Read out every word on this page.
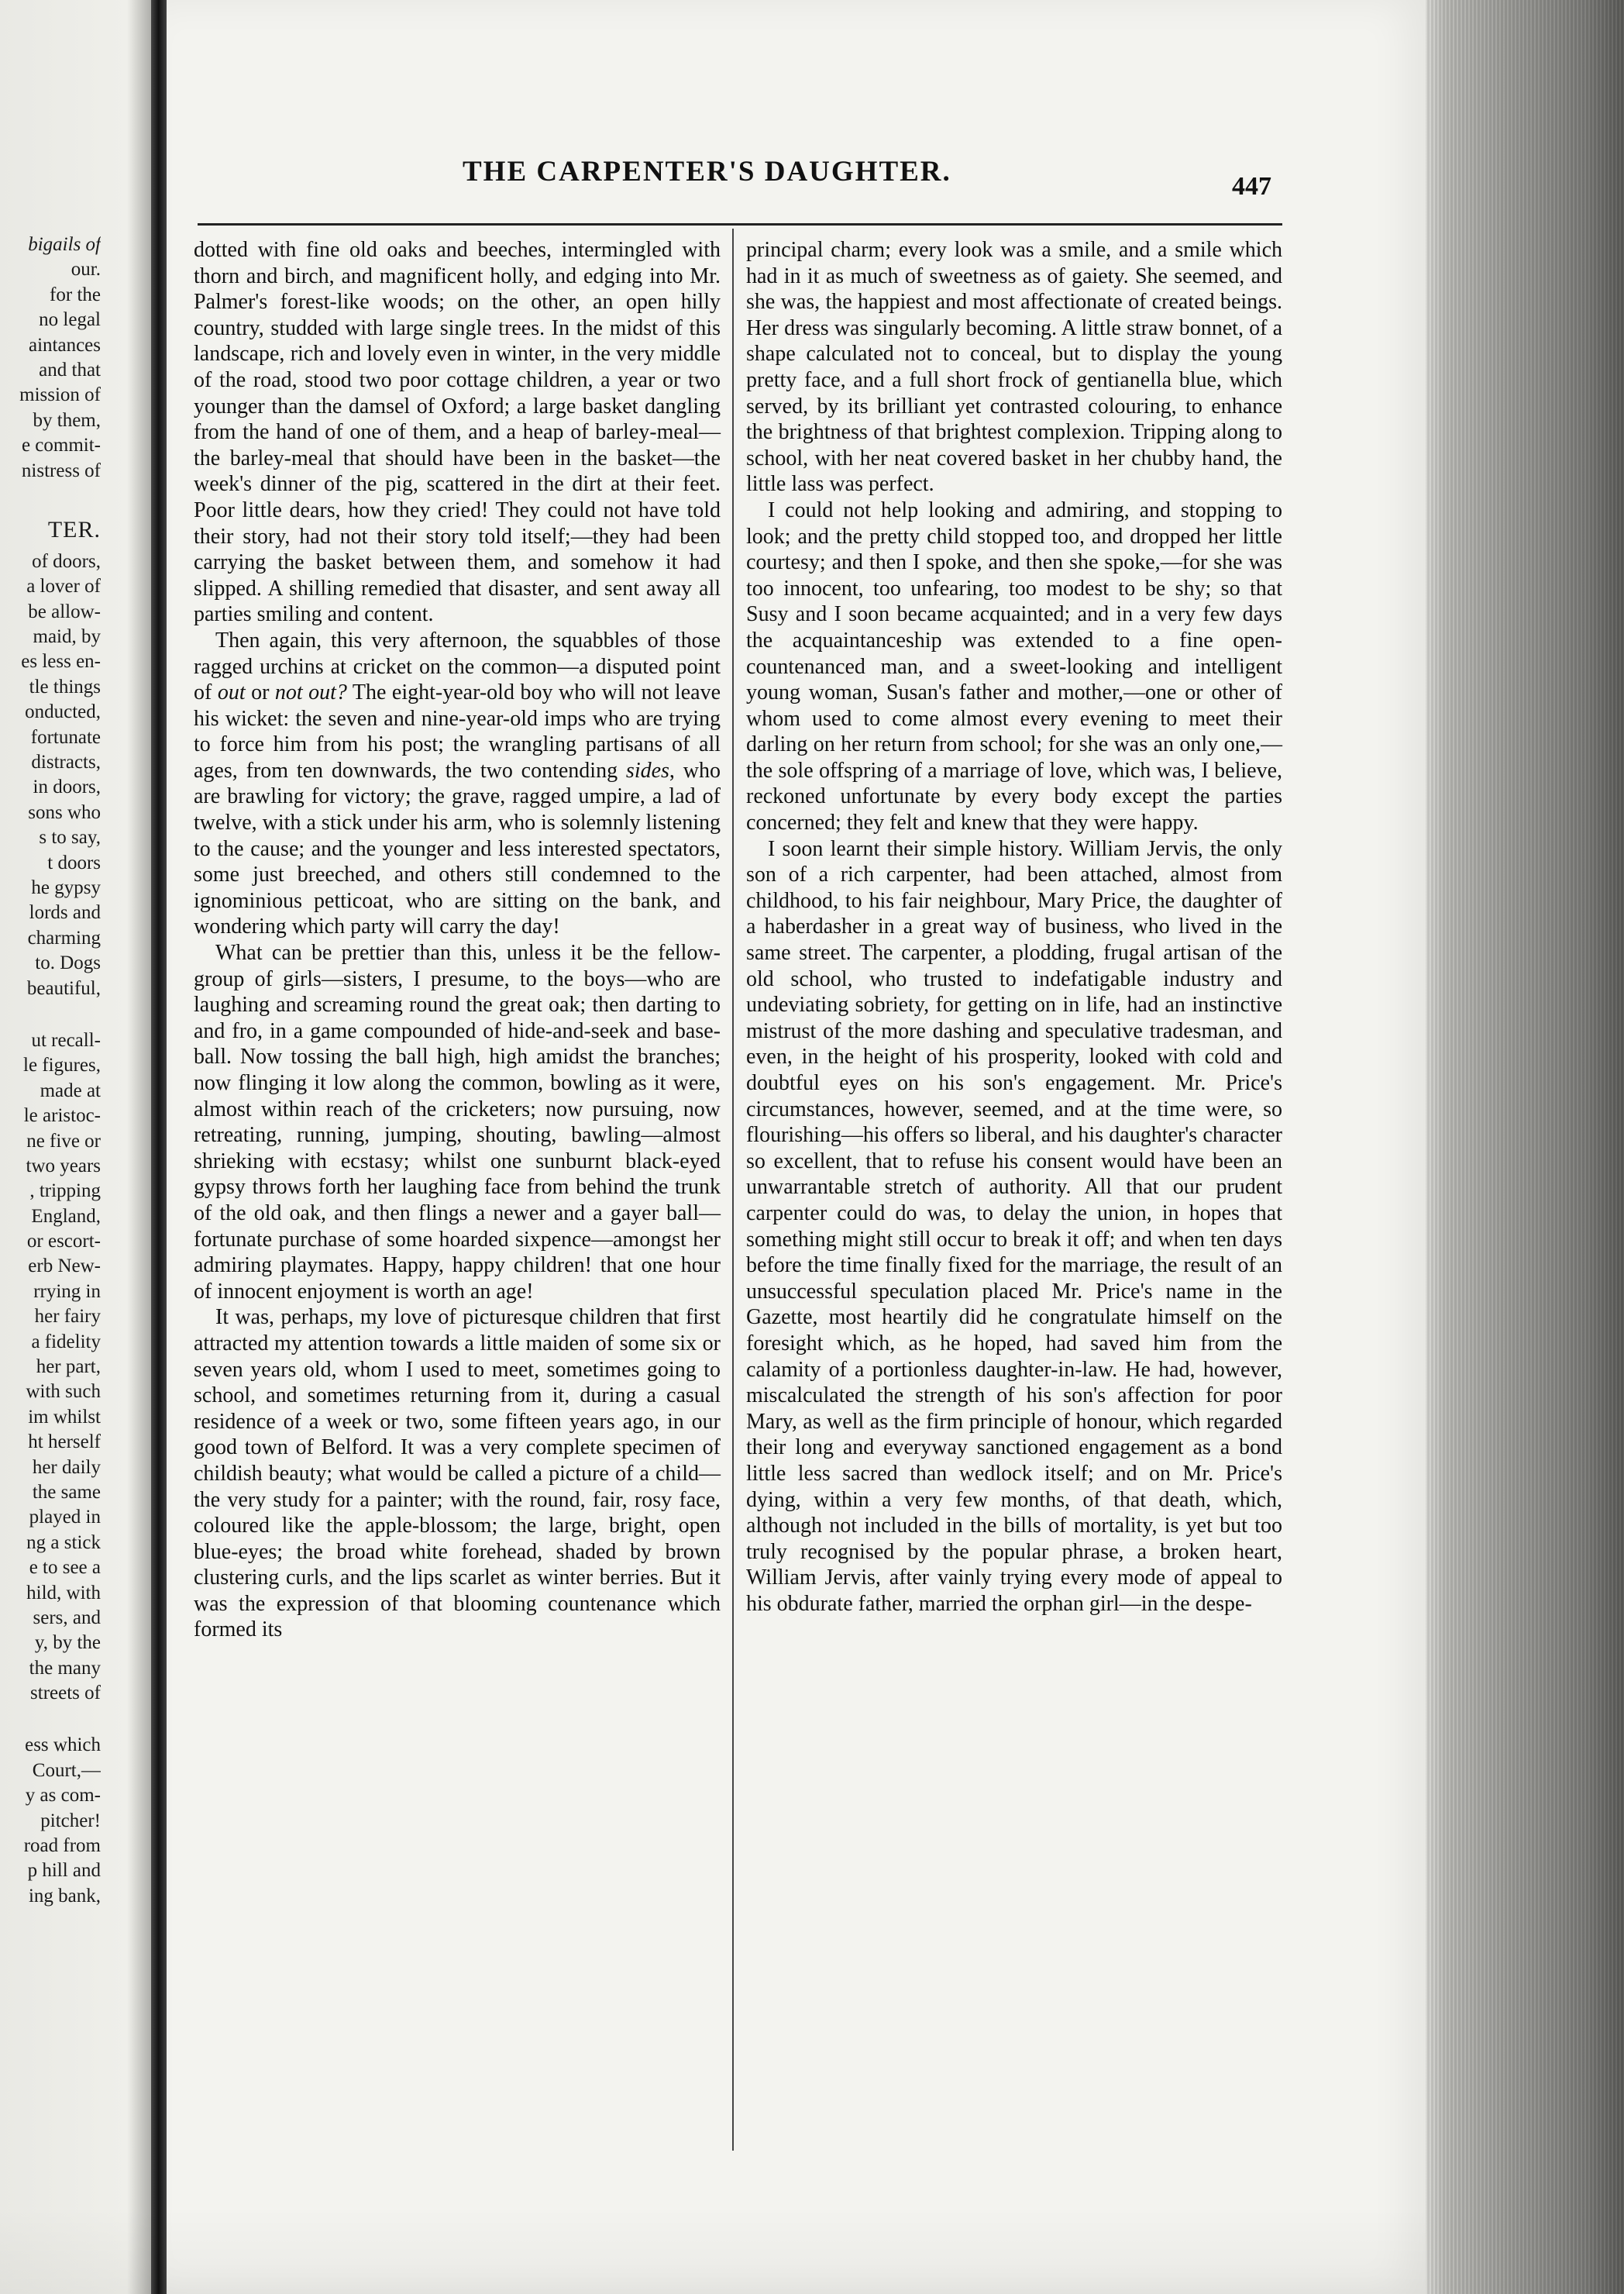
bigails of
our.
for the
no legal
aintances
and that
mission of
by them,
e commit-
nistress of
TER.
of doors,
a lover of
be allow-
maid, by
es less en-
tle things
onducted,
fortunate
distracts,
in doors,
sons who
s to say,
t doors
he gypsy
lords and
charming
to. Dogs
beautiful,
ut recall-
le figures,
made at
le aristoc-
ne five or
two years
, tripping
England,
or escort-
erb New-
rrying in
her fairy
a fidelity
her part,
with such
im whilst
ht herself
her daily
the same
played in
ng a stick
e to see a
hild, with
sers, and
y, by the
the many
streets of
ess which
Court,—
y as com-
pitcher!
road from
p hill and
ing bank,
THE CARPENTER'S DAUGHTER.	447

dotted with fine old oaks and beeches, intermingled with thorn and birch, and magnificent holly, and edging into Mr. Palmer's forest-like woods; on the other, an open hilly country, studded with large single trees. In the midst of this landscape, rich and lovely even in winter, in the very middle of the road, stood two poor cottage children, a year or two younger than the damsel of Oxford; a large basket dangling from the hand of one of them, and a heap of barley-meal—the barley-meal that should have been in the basket—the week's dinner of the pig, scattered in the dirt at their feet. Poor little dears, how they cried! They could not have told their story, had not their story told itself;—they had been carrying the basket between them, and somehow it had slipped. A shilling remedied that disaster, and sent away all parties smiling and content.

Then again, this very afternoon, the squabbles of those ragged urchins at cricket on the common—a disputed point of out or not out? The eight-year-old boy who will not leave his wicket: the seven and nine-year-old imps who are trying to force him from his post; the wrangling partisans of all ages, from ten downwards, the two contending sides, who are brawling for victory; the grave, ragged umpire, a lad of twelve, with a stick under his arm, who is solemnly listening to the cause; and the younger and less interested spectators, some just breeched, and others still condemned to the ignominious petticoat, who are sitting on the bank, and wondering which party will carry the day!

What can be prettier than this, unless it be the fellow-group of girls—sisters, I presume, to the boys—who are laughing and screaming round the great oak; then darting to and fro, in a game compounded of hide-and-seek and base-ball. Now tossing the ball high, high amidst the branches; now flinging it low along the common, bowling as it were, almost within reach of the cricketers; now pursuing, now retreating, running, jumping, shouting, bawling—almost shrieking with ecstasy; whilst one sunburnt black-eyed gypsy throws forth her laughing face from behind the trunk of the old oak, and then flings a newer and a gayer ball—fortunate purchase of some hoarded sixpence—amongst her admiring playmates. Happy, happy children! that one hour of innocent enjoyment is worth an age!

It was, perhaps, my love of picturesque children that first attracted my attention towards a little maiden of some six or seven years old, whom I used to meet, sometimes going to school, and sometimes returning from it, during a casual residence of a week or two, some fifteen years ago, in our good town of Belford. It was a very complete specimen of childish beauty; what would be called a picture of a child—the very study for a painter; with the round, fair, rosy face, coloured like the apple-blossom; the large, bright, open blue-eyes; the broad white forehead, shaded by brown clustering curls, and the lips scarlet as winter berries. But it was the expression of that blooming countenance which formed its

principal charm; every look was a smile, and a smile which had in it as much of sweetness as of gaiety. She seemed, and she was, the happiest and most affectionate of created beings. Her dress was singularly becoming. A little straw bonnet, of a shape calculated not to conceal, but to display the young pretty face, and a full short frock of gentianella blue, which served, by its brilliant yet contrasted colouring, to enhance the brightness of that brightest complexion. Tripping along to school, with her neat covered basket in her chubby hand, the little lass was perfect.

I could not help looking and admiring, and stopping to look; and the pretty child stopped too, and dropped her little courtesy; and then I spoke, and then she spoke,—for she was too innocent, too unfearing, too modest to be shy; so that Susy and I soon became acquainted; and in a very few days the acquaintanceship was extended to a fine open-countenanced man, and a sweet-looking and intelligent young woman, Susan's father and mother,—one or other of whom used to come almost every evening to meet their darling on her return from school; for she was an only one,—the sole offspring of a marriage of love, which was, I believe, reckoned unfortunate by every body except the parties concerned; they felt and knew that they were happy.

I soon learnt their simple history. William Jervis, the only son of a rich carpenter, had been attached, almost from childhood, to his fair neighbour, Mary Price, the daughter of a haberdasher in a great way of business, who lived in the same street. The carpenter, a plodding, frugal artisan of the old school, who trusted to indefatigable industry and undeviating sobriety, for getting on in life, had an instinctive mistrust of the more dashing and speculative tradesman, and even, in the height of his prosperity, looked with cold and doubtful eyes on his son's engagement. Mr. Price's circumstances, however, seemed, and at the time were, so flourishing—his offers so liberal, and his daughter's character so excellent, that to refuse his consent would have been an unwarrantable stretch of authority. All that our prudent carpenter could do was, to delay the union, in hopes that something might still occur to break it off; and when ten days before the time finally fixed for the marriage, the result of an unsuccessful speculation placed Mr. Price's name in the Gazette, most heartily did he congratulate himself on the foresight which, as he hoped, had saved him from the calamity of a portionless daughter-in-law. He had, however, miscalculated the strength of his son's affection for poor Mary, as well as the firm principle of honour, which regarded their long and everyway sanctioned engagement as a bond little less sacred than wedlock itself; and on Mr. Price's dying, within a very few months, of that death, which, although not included in the bills of mortality, is yet but too truly recognised by the popular phrase, a broken heart, William Jervis, after vainly trying every mode of appeal to his obdurate father, married the orphan girl—in the despe-
